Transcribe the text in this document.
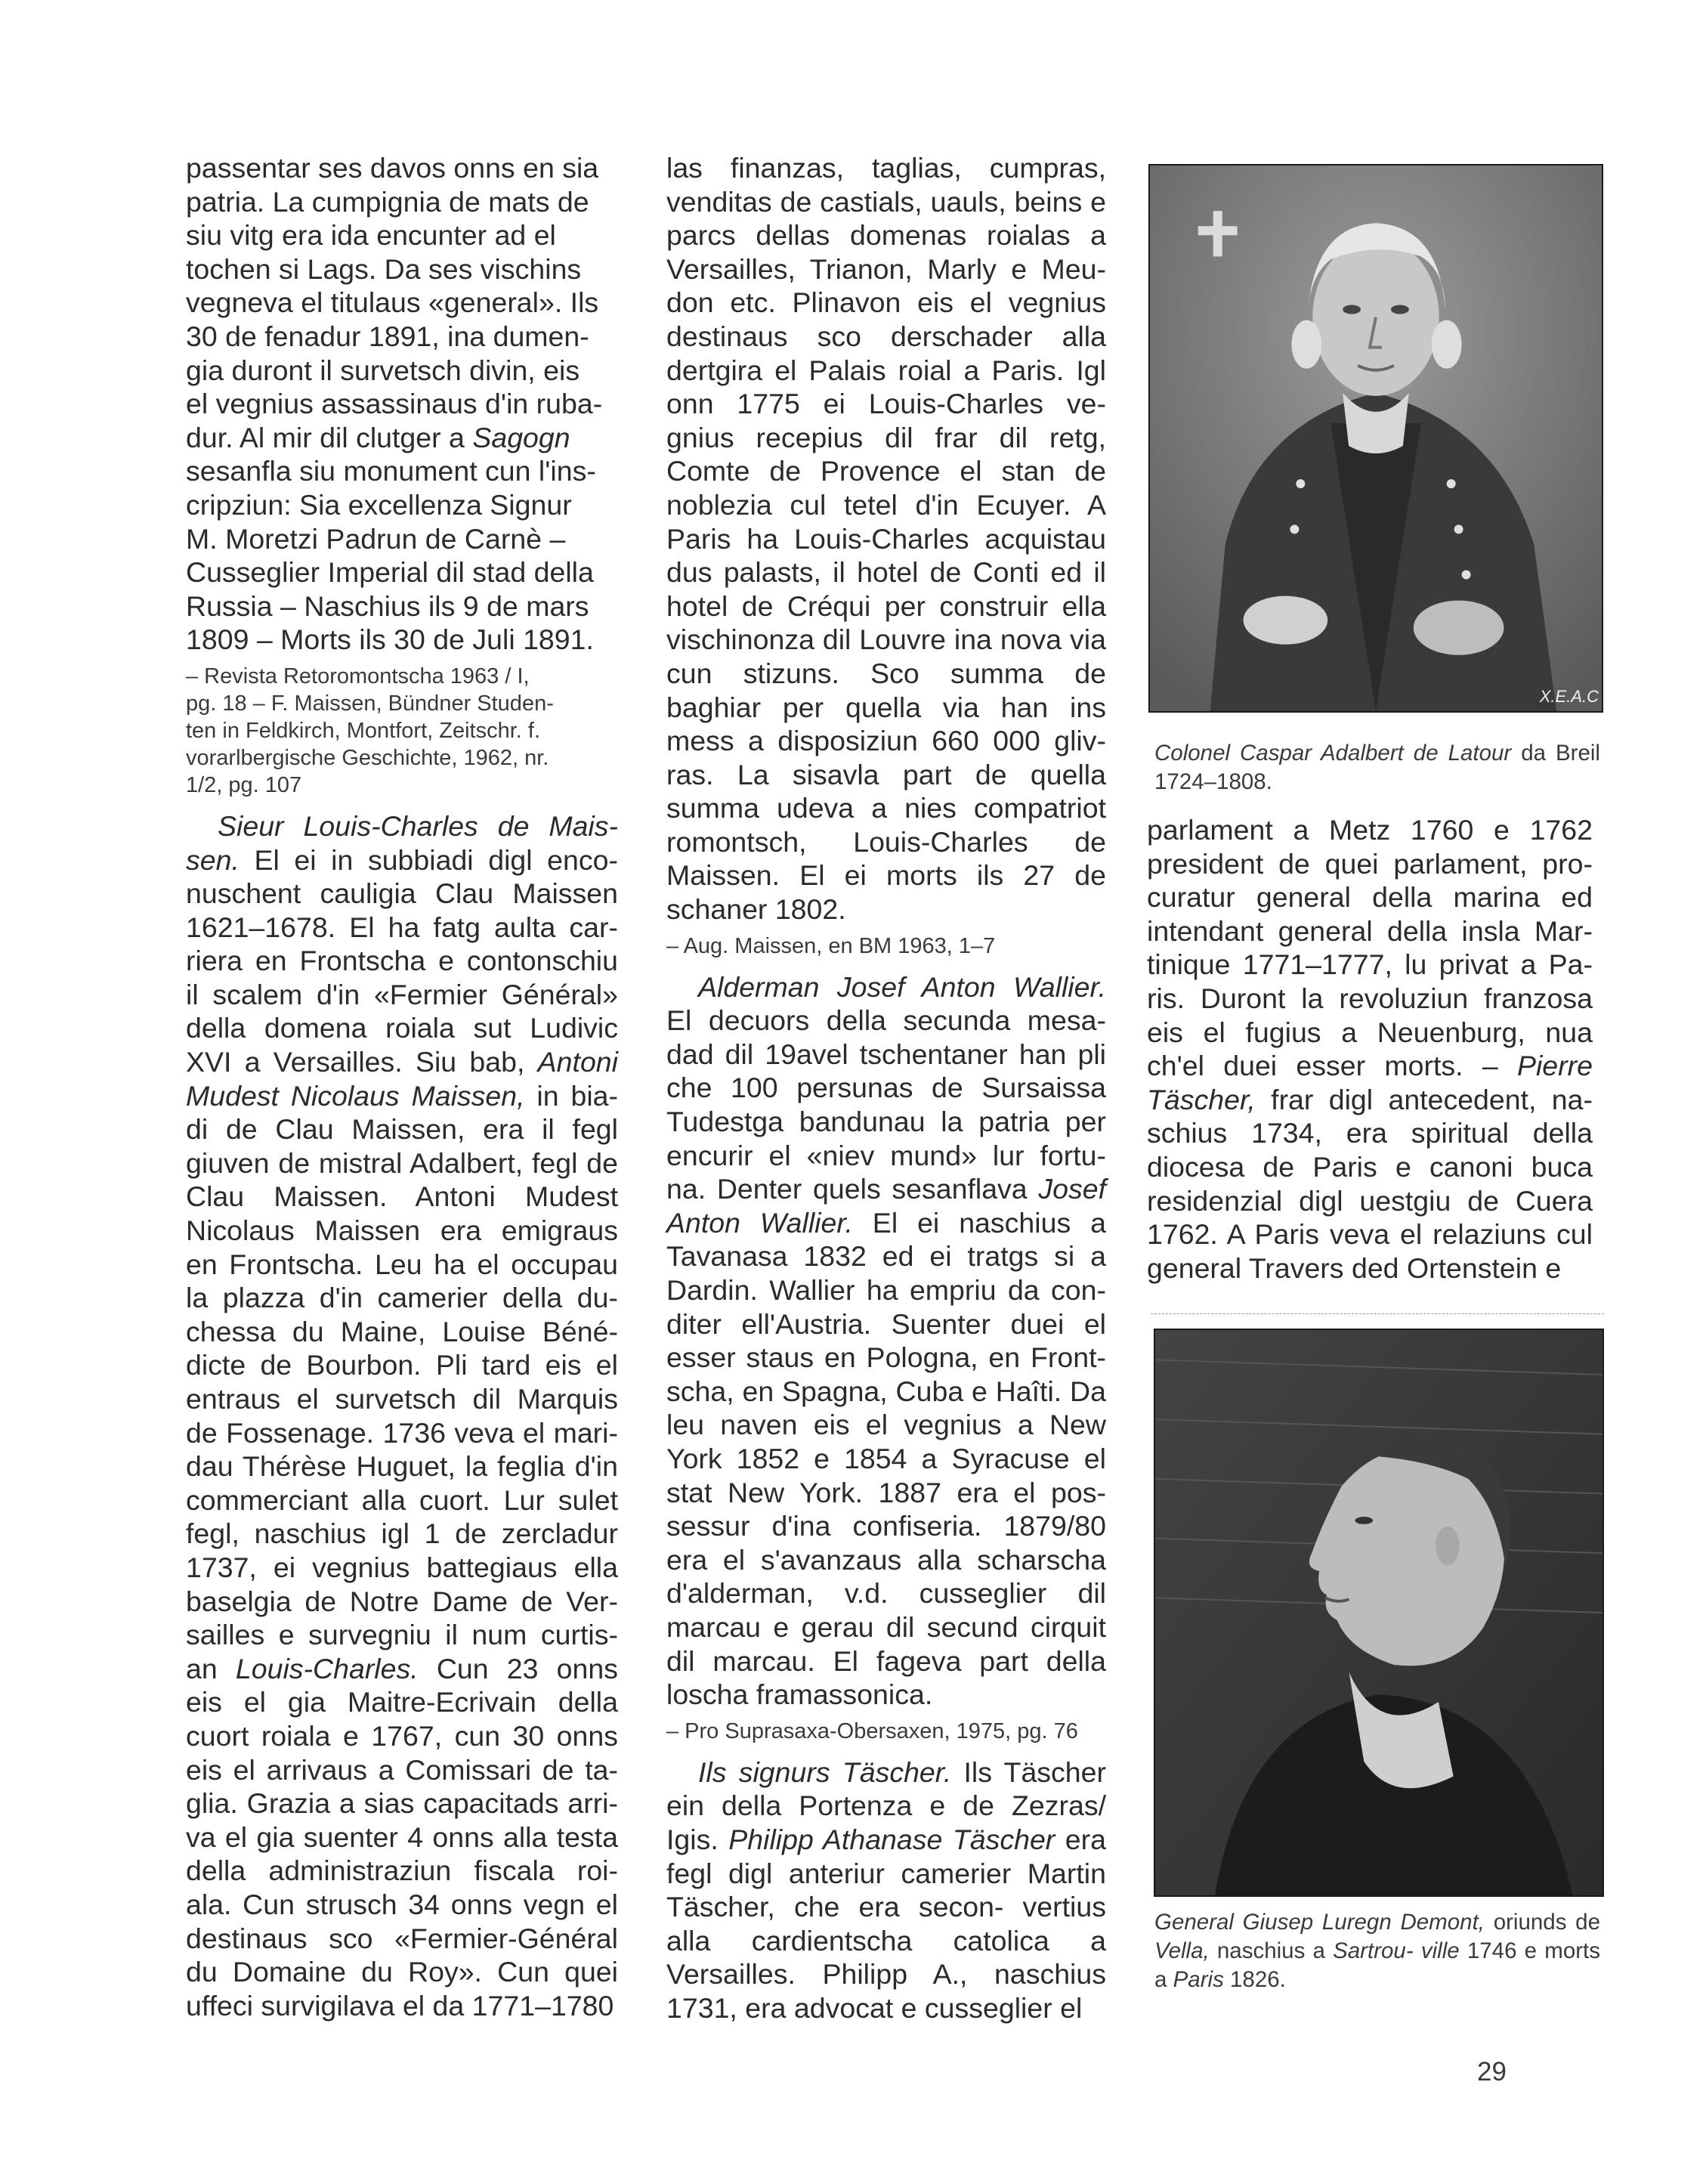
passentar ses davos onns en sia
patria. La cumpignia de mats de
siu vitg era ida encunter ad el
tochen si Lags. Da ses vischins
vegneva el titulaus «general». Ils
30 de fenadur 1891, ina dumen-
gia duront il survetsch divin, eis
el vegnius assassinaus d'in ruba-
dur. Al mir dil clutger a Sagogn
sesanfla siu monument cun l'ins-
cripziun: Sia excellenza Signur
M. Moretzi Padrun de Carnè –
Cusseglier Imperial dil stad della
Russia – Naschius ils 9 de mars
1809 – Morts ils 30 de Juli 1891.

– Revista Retoromontscha 1963 / I,
pg. 18 – F. Maissen, Bündner Studen-
ten in Feldkirch, Montfort, Zeitschr. f.
vorarlbergische Geschichte, 1962, nr.
1/2, pg. 107

Sieur Louis-Charles de Mais- sen. El ei in subbiadi digl enco- nuschent cauligia Clau Maissen 1621–1678. El ha fatg aulta car- riera en Frontscha e contonschiu il scalem d'in «Fermier Général» della domena roiala sut Ludivic XVI a Versailles. Siu bab, Antoni Mudest Nicolaus Maissen, in bia- di de Clau Maissen, era il fegl giuven de mistral Adalbert, fegl de Clau Maissen. Antoni Mudest Nicolaus Maissen era emigraus en Frontscha. Leu ha el occupau la plazza d'in camerier della du- chessa du Maine, Louise Béné- dicte de Bourbon. Pli tard eis el entraus el survetsch dil Marquis de Fossenage. 1736 veva el mari- dau Thérèse Huguet, la feglia d'in commerciant alla cuort. Lur sulet fegl, naschius igl 1 de zercladur 1737, ei vegnius battegiaus ella baselgia de Notre Dame de Ver- sailles e survegniu il num curtis- an Louis-Charles. Cun 23 onns eis el gia Maitre-Ecrivain della cuort roiala e 1767, cun 30 onns eis el arrivaus a Comissari de ta- glia. Grazia a sias capacitads arri- va el gia suenter 4 onns alla testa della administraziun fiscala roi- ala. Cun strusch 34 onns vegn el destinaus sco «Fermier-Général du Domaine du Roy». Cun quei uffeci survigilava el da 1771–1780

las finanzas, taglias, cumpras, venditas de castials, uauls, beins e parcs dellas domenas roialas a Versailles, Trianon, Marly e Meu- don etc. Plinavon eis el vegnius destinaus sco derschader alla dertgira el Palais roial a Paris. Igl onn 1775 ei Louis-Charles ve- gnius recepius dil frar dil retg, Comte de Provence el stan de noblezia cul tetel d'in Ecuyer. A Paris ha Louis-Charles acquistau dus palasts, il hotel de Conti ed il hotel de Créqui per construir ella vischinonza dil Louvre ina nova via cun stizuns. Sco summa de baghiar per quella via han ins mess a disposiziun 660 000 gliv- ras. La sisavla part de quella summa udeva a nies compatriot romontsch, Louis-Charles de Maissen. El ei morts ils 27 de schaner 1802.

– Aug. Maissen, en BM 1963, 1–7

Alderman Josef Anton Wallier. El decuors della secunda mesa- dad dil 19avel tschentaner han pli che 100 persunas de Sursaissa Tudestga bandunau la patria per encurir el «niev mund» lur fortu- na. Denter quels sesanflava Josef Anton Wallier. El ei naschius a Tavanasa 1832 ed ei tratgs si a Dardin. Wallier ha empriu da con- diter ell'Austria. Suenter duei el esser staus en Pologna, en Front- scha, en Spagna, Cuba e Haîti. Da leu naven eis el vegnius a New York 1852 e 1854 a Syracuse el stat New York. 1887 era el pos- sessur d'ina confiseria. 1879/80 era el s'avanzaus alla scharscha d'alderman, v.d. cusseglier dil marcau e gerau dil secund cirquit dil marcau. El fageva part della loscha framassonica.

– Pro Suprasaxa-Obersaxen, 1975, pg. 76

Ils signurs Täscher. Ils Täscher ein della Portenza e de Zezras/ Igis. Philipp Athanase Täscher era fegl digl anteriur camerier Martin Täscher, che era secon- vertius alla cardientscha catolica a Versailles. Philipp A., naschius 1731, era advocat e cusseglier el

X.E.A.C
Colonel Caspar Adalbert de Latour da Breil 1724–1808.

parlament a Metz 1760 e 1762 president de quei parlament, pro- curatur general della marina ed intendant general della insla Mar- tinique 1771–1777, lu privat a Pa- ris. Duront la revoluziun franzosa eis el fugius a Neuenburg, nua ch'el duei esser morts. – Pierre Täscher, frar digl antecedent, na- schius 1734, era spiritual della diocesa de Paris e canoni buca residenzial digl uestgiu de Cuera 1762. A Paris veva el relaziuns cul general Travers ded Ortenstein e

General Giusep Luregn Demont, oriunds de Vella, naschius a Sartrou- ville 1746 e morts a Paris 1826.
29
